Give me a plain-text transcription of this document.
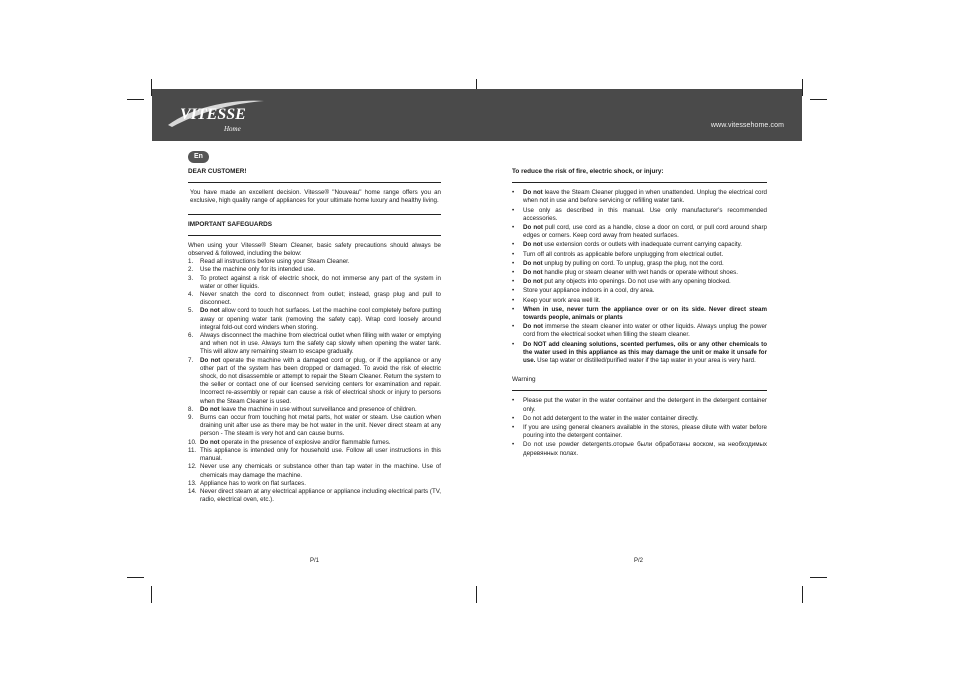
VITESSE
Home	www.vitessehome.com
En
DEAR CUSTOMER!

You have made an excellent decision. Vitesse® "Nouveau" home range offers you an exclusive, high quality range of appliances for your ultimate home luxury and healthy living.

IMPORTANT SAFEGUARDS

When using your Vitesse® Steam Cleaner, basic safety precautions should always be observed & followed, including the below:

1. Read all instructions before using your Steam Cleaner.
2. Use the machine only for its intended use.
3. To protect against a risk of electric shock, do not immerse any part of the system in water or other liquids.
4. Never snatch the cord to disconnect from outlet; instead, grasp plug and pull to disconnect.
5. Do not allow cord to touch hot surfaces. Let the machine cool completely before putting away or opening water tank (removing the safety cap). Wrap cord loosely around integral fold-out cord winders when storing.
6. Always disconnect the machine from electrical outlet when filling with water or emptying and when not in use. Always turn the safety cap slowly when opening the water tank. This will allow any remaining steam to escape gradually.
7. Do not operate the machine with a damaged cord or plug, or if the appliance or any other part of the system has been dropped or damaged. To avoid the risk of electric shock, do not disassemble or attempt to repair the Steam Cleaner. Return the system to the seller or contact one of our licensed servicing centers for examination and repair. Incorrect re-assembly or repair can cause a risk of electrical shock or injury to persons when the Steam Cleaner is used.
8. Do not leave the machine in use without surveillance and presence of children.
9. Burns can occur from touching hot metal parts, hot water or steam. Use caution when draining unit after use as there may be hot water in the unit. Never direct steam at any person - The steam is very hot and can cause burns.
10. Do not operate in the presence of explosive and/or flammable fumes.
11. This appliance is intended only for household use. Follow all user instructions in this manual.
12. Never use any chemicals or substance other than tap water in the machine. Use of chemicals may damage the machine.
13. Appliance has to work on flat surfaces.
14. Never direct steam at any electrical appliance or appliance including electrical parts (TV, radio, electrical oven, etc.).
P/1
To reduce the risk of fire, electric shock, or injury:
• Do not leave the Steam Cleaner plugged in when unattended. Unplug the electrical cord when not in use and before servicing or refilling water tank.
• Use only as described in this manual. Use only manufacturer's recommended accessories.
• Do not pull cord, use cord as a handle, close a door on cord, or pull cord around sharp edges or corners. Keep cord away from heated surfaces.
• Do not use extension cords or outlets with inadequate current carrying capacity.
• Turn off all controls as applicable before unplugging from electrical outlet.
• Do not unplug by pulling on cord. To unplug, grasp the plug, not the cord.
• Do not handle plug or steam cleaner with wet hands or operate without shoes.
• Do not put any objects into openings. Do not use with any opening blocked.
• Store your appliance indoors in a cool, dry area.
• Keep your work area well lit.
• When in use, never turn the appliance over or on its side. Never direct steam towards people, animals or plants
• Do not immerse the steam cleaner into water or other liquids. Always unplug the power cord from the electrical socket when filling the steam cleaner.
• Do NOT add cleaning solutions, scented perfumes, oils or any other chemicals to the water used in this appliance as this may damage the unit or make it unsafe for use. Use tap water or distilled/purified water if the tap water in your area is very hard.
Warning
• Please put the water in the water container and the detergent in the detergent container only.
• Do not add detergent to the water in the water container directly.
• If you are using general cleaners available in the stores, please dilute with water before pouring into the detergent container.
• Do not use powder detergents.оторые были обработаны воском, на необходимых деревянных полах.
P/2
